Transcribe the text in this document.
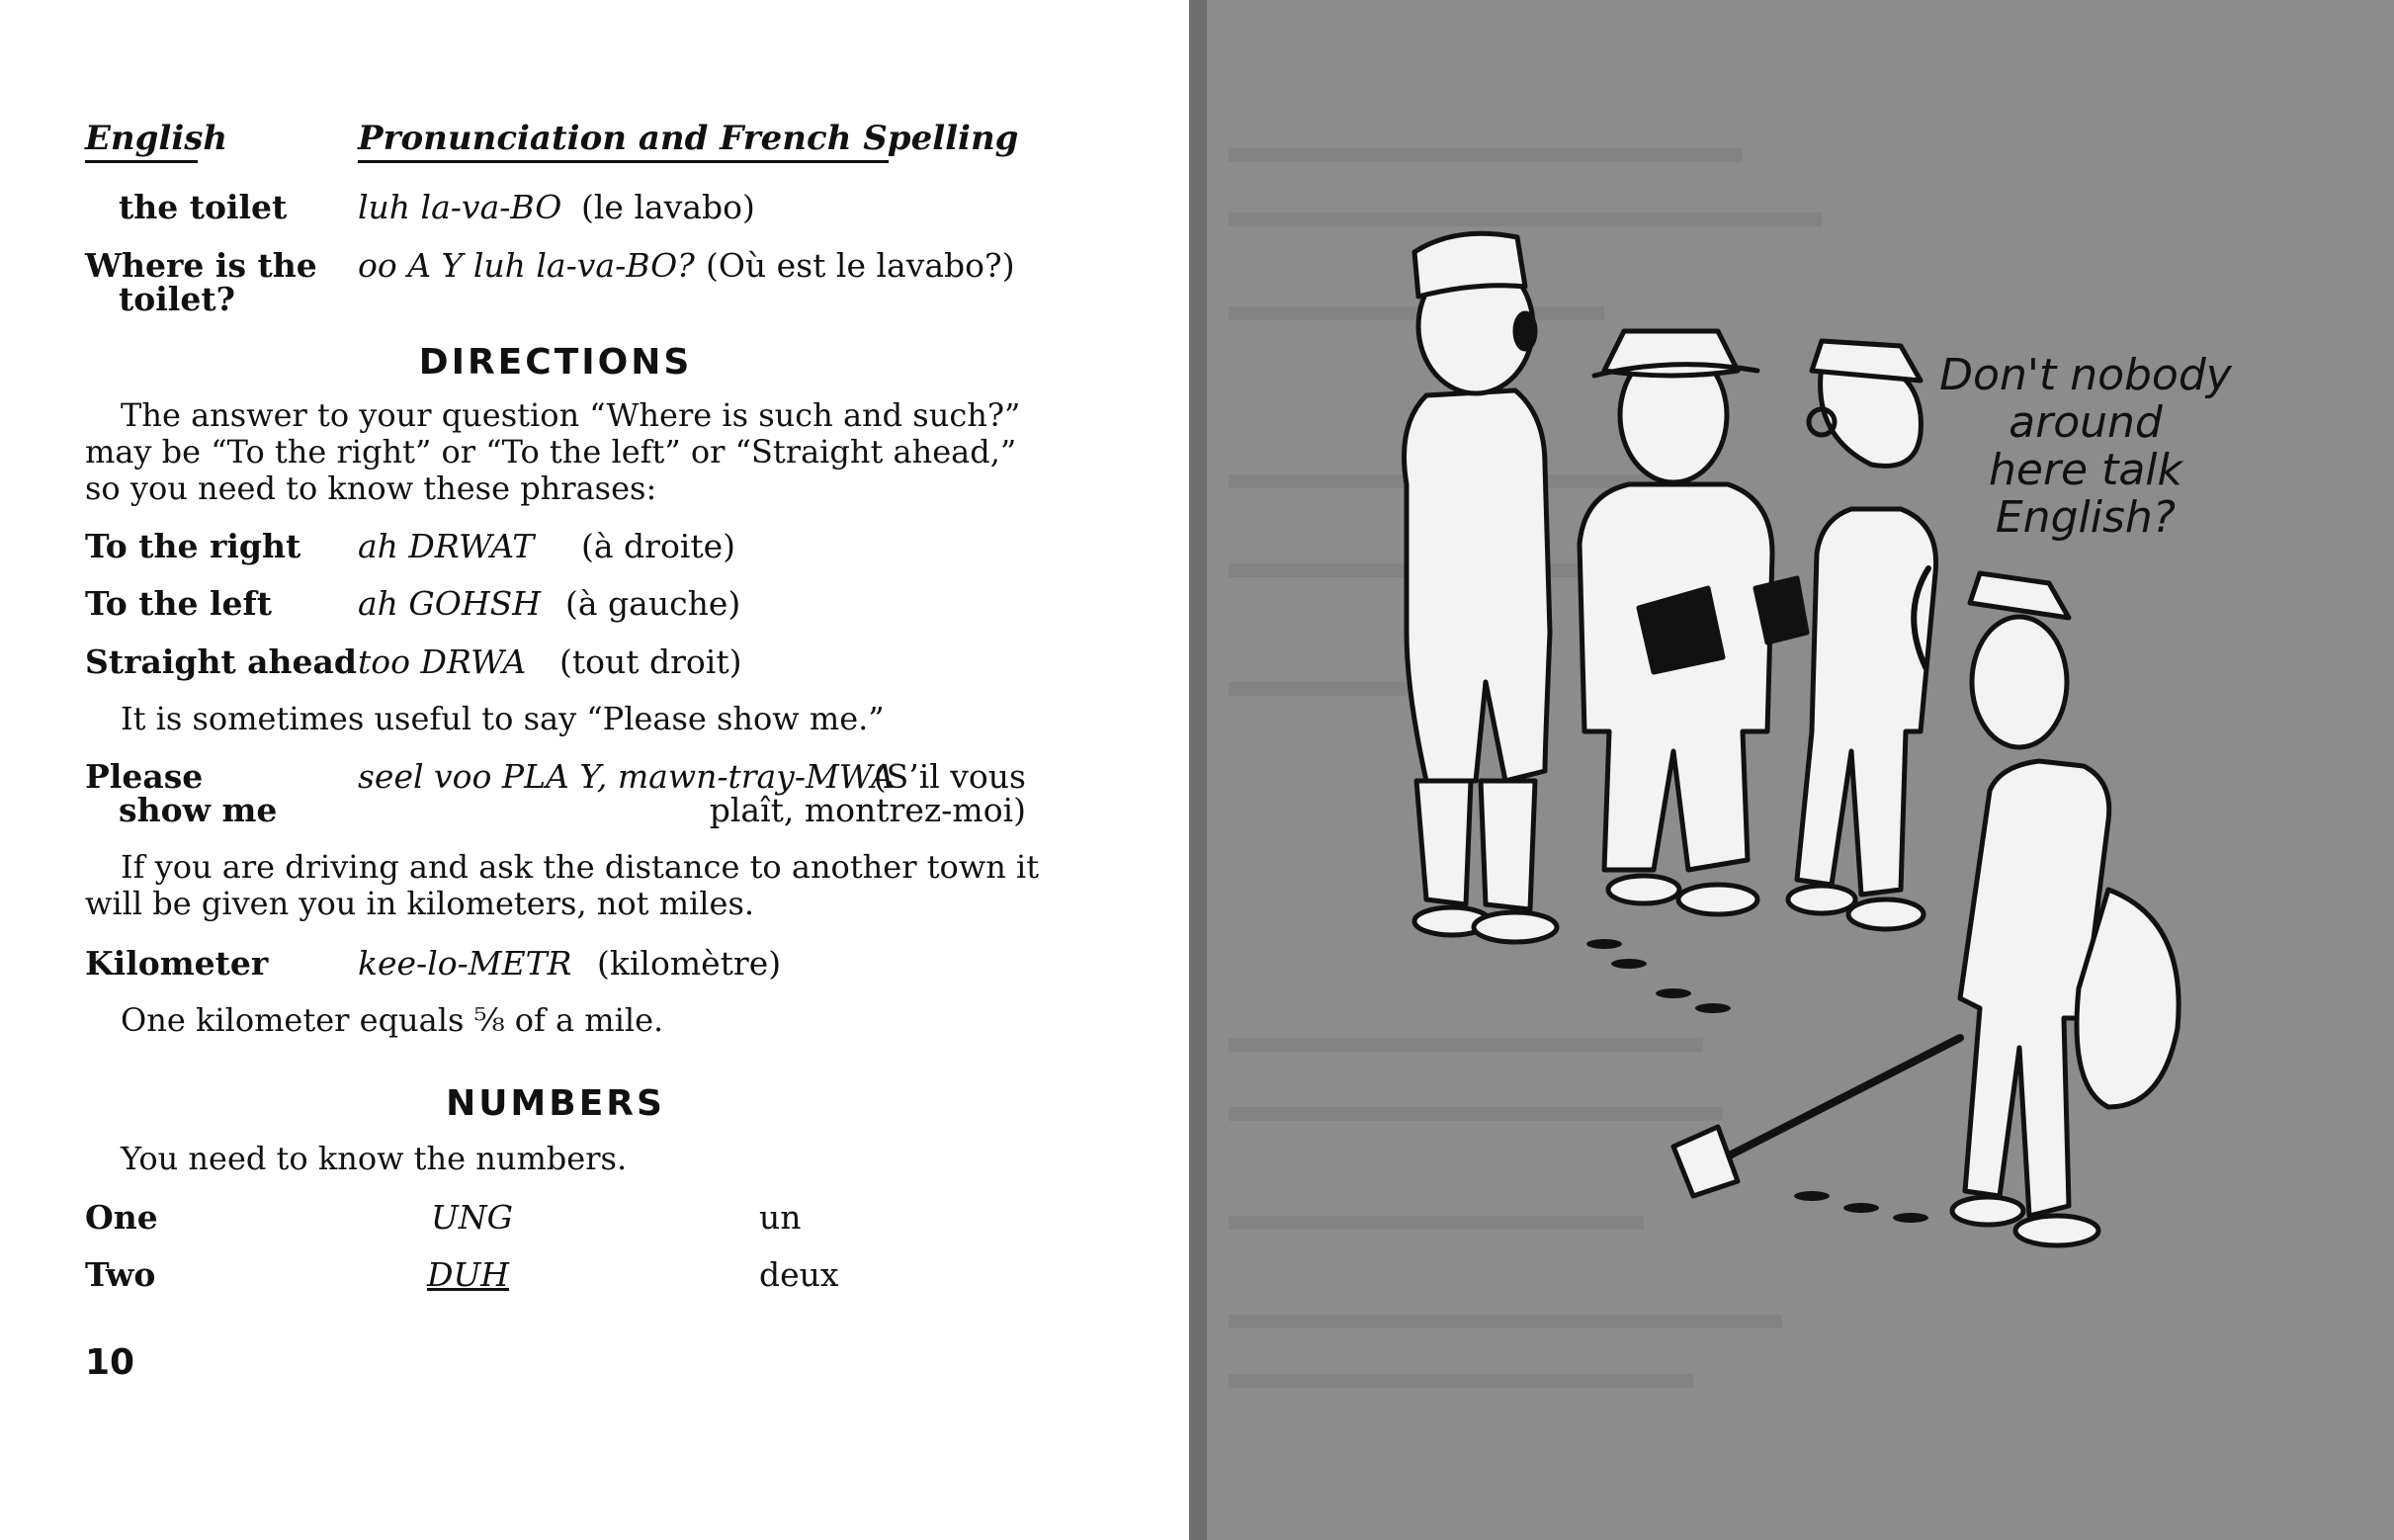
English	Pronunciation and French Spelling
the toilet luh la-va-BO (le lavabo)
Where is the
toilet?
oo A Y luh la-va-BO? (Où est le lavabo?)
DIRECTIONS
The answer to your question “Where is such and such?”
may be “To the right” or “To the left” or “Straight ahead,”
so you need to know these phrases:
To the right ah DRWAT (à droite)
To the left	ah GOHSH (à gauche)
Straight ahead too DRWA (tout droit)
It is sometimes useful to say “Please show me.”
Please
show me
seel voo PLA Y, mawn-tray-MWA
(S’il vous
plaît, montrez-moi)
If you are driving and ask the distance to another town it
will be given you in kilometers, not miles.
Kilometer	kee-lo-METR (kilomètre)
One kilometer equals ⅝ of a mile.
NUMBERS
You need to know the numbers.
One	UNG	un
Two	DUH	deux
10
Don't nobody
around
here talk
English?
